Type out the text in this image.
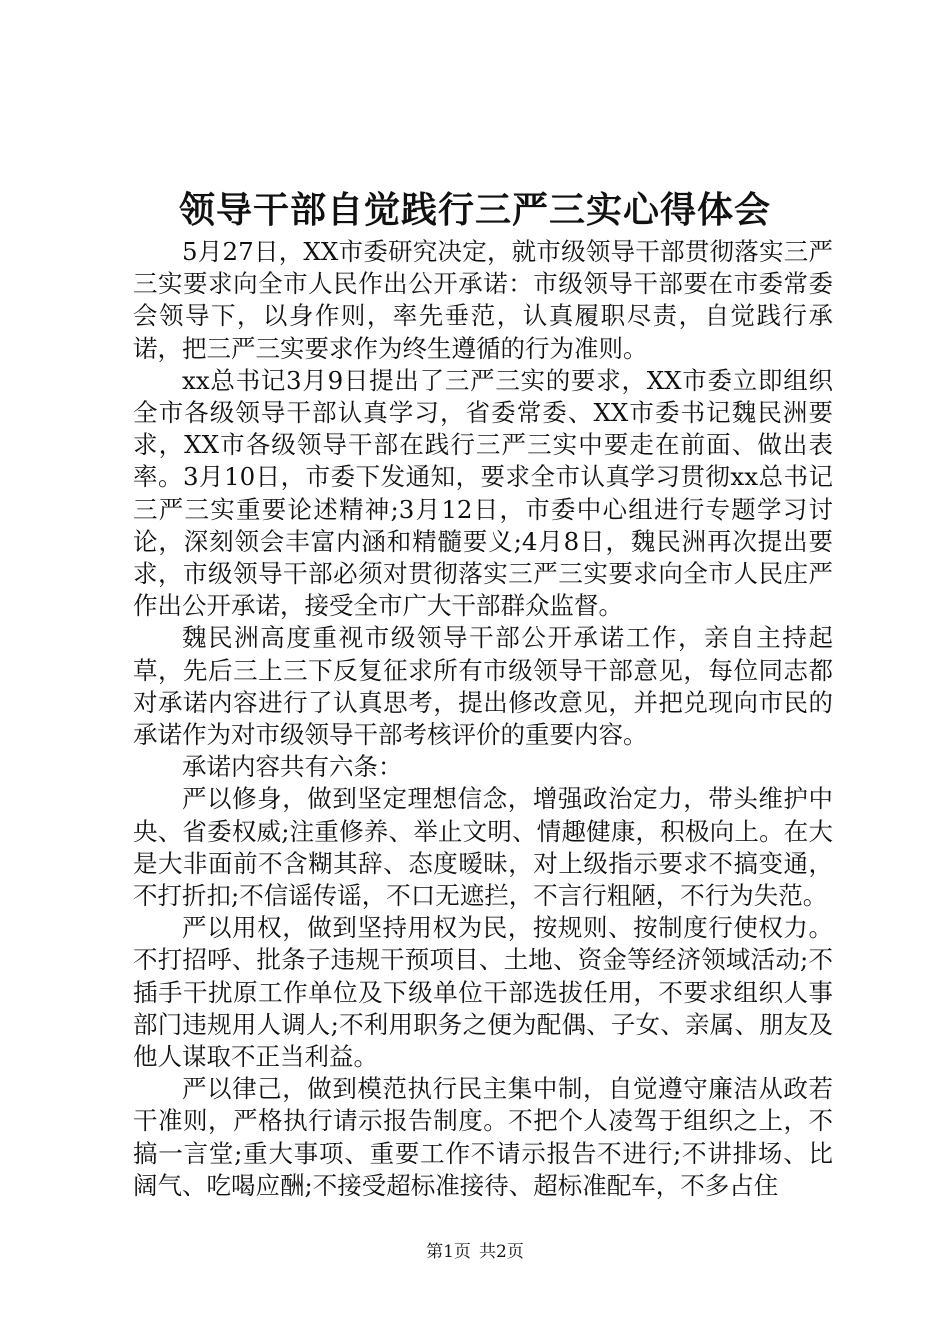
领导干部自觉践行三严三实心得体会

5月27日，XX市委研究决定，就市级领导干部贯彻落实三严三实要求向全市人民作出公开承诺：市级领导干部要在市委常委会领导下，以身作则，率先垂范，认真履职尽责，自觉践行承诺，把三严三实要求作为终生遵循的行为准则。

xx总书记3月9日提出了三严三实的要求，XX市委立即组织全市各级领导干部认真学习，省委常委、XX市委书记魏民洲要求，XX市各级领导干部在践行三严三实中要走在前面、做出表率。3月10日，市委下发通知，要求全市认真学习贯彻xx总书记三严三实重要论述精神;3月12日，市委中心组进行专题学习讨论，深刻领会丰富内涵和精髓要义;4月8日，魏民洲再次提出要求，市级领导干部必须对贯彻落实三严三实要求向全市人民庄严作出公开承诺，接受全市广大干部群众监督。

魏民洲高度重视市级领导干部公开承诺工作，亲自主持起草，先后三上三下反复征求所有市级领导干部意见，每位同志都对承诺内容进行了认真思考，提出修改意见，并把兑现向市民的承诺作为对市级领导干部考核评价的重要内容。

承诺内容共有六条：

严以修身，做到坚定理想信念，增强政治定力，带头维护中央、省委权威;注重修养、举止文明、情趣健康，积极向上。在大是大非面前不含糊其辞、态度暧昧，对上级指示要求不搞变通，不打折扣;不信谣传谣，不口无遮拦，不言行粗陋，不行为失范。

严以用权，做到坚持用权为民，按规则、按制度行使权力。不打招呼、批条子违规干预项目、土地、资金等经济领域活动;不插手干扰原工作单位及下级单位干部选拔任用，不要求组织人事部门违规用人调人;不利用职务之便为配偶、子女、亲属、朋友及他人谋取不正当利益。

严以律己，做到模范执行民主集中制，自觉遵守廉洁从政若干准则，严格执行请示报告制度。不把个人凌驾于组织之上，不搞一言堂;重大事项、重要工作不请示报告不进行;不讲排场、比阔气、吃喝应酬;不接受超标准接待、超标准配车，不多占住

第1页 共2页
